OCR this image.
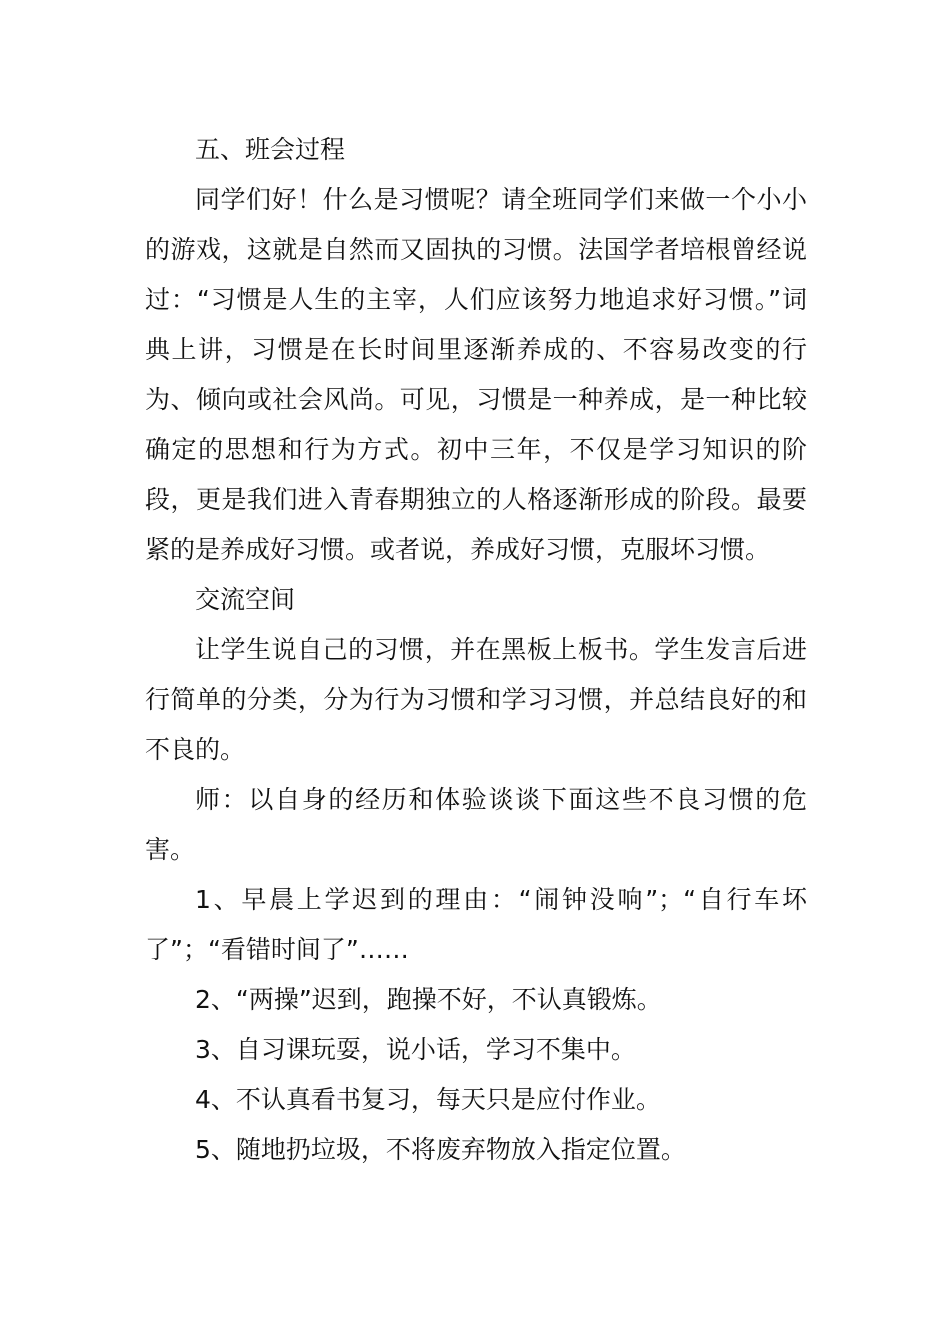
五、班会过程

同学们好！什么是习惯呢？请全班同学们来做一个小小的游戏，这就是自然而又固执的习惯。法国学者培根曾经说过：“习惯是人生的主宰，人们应该努力地追求好习惯。”词典上讲，习惯是在长时间里逐渐养成的、不容易改变的行为、倾向或社会风尚。可见，习惯是一种养成，是一种比较确定的思想和行为方式。初中三年，不仅是学习知识的阶段，更是我们进入青春期独立的人格逐渐形成的阶段。最要紧的是养成好习惯。或者说，养成好习惯，克服坏习惯。

交流空间

让学生说自己的习惯，并在黑板上板书。学生发言后进行简单的分类，分为行为习惯和学习习惯，并总结良好的和不良的。

师：以自身的经历和体验谈谈下面这些不良习惯的危害。

1、早晨上学迟到的理由：“闹钟没响”；“自行车坏了”；“看错时间了”……

2、“两操”迟到，跑操不好，不认真锻炼。

3、自习课玩耍，说小话，学习不集中。

4、不认真看书复习，每天只是应付作业。

5、随地扔垃圾，不将废弃物放入指定位置。
